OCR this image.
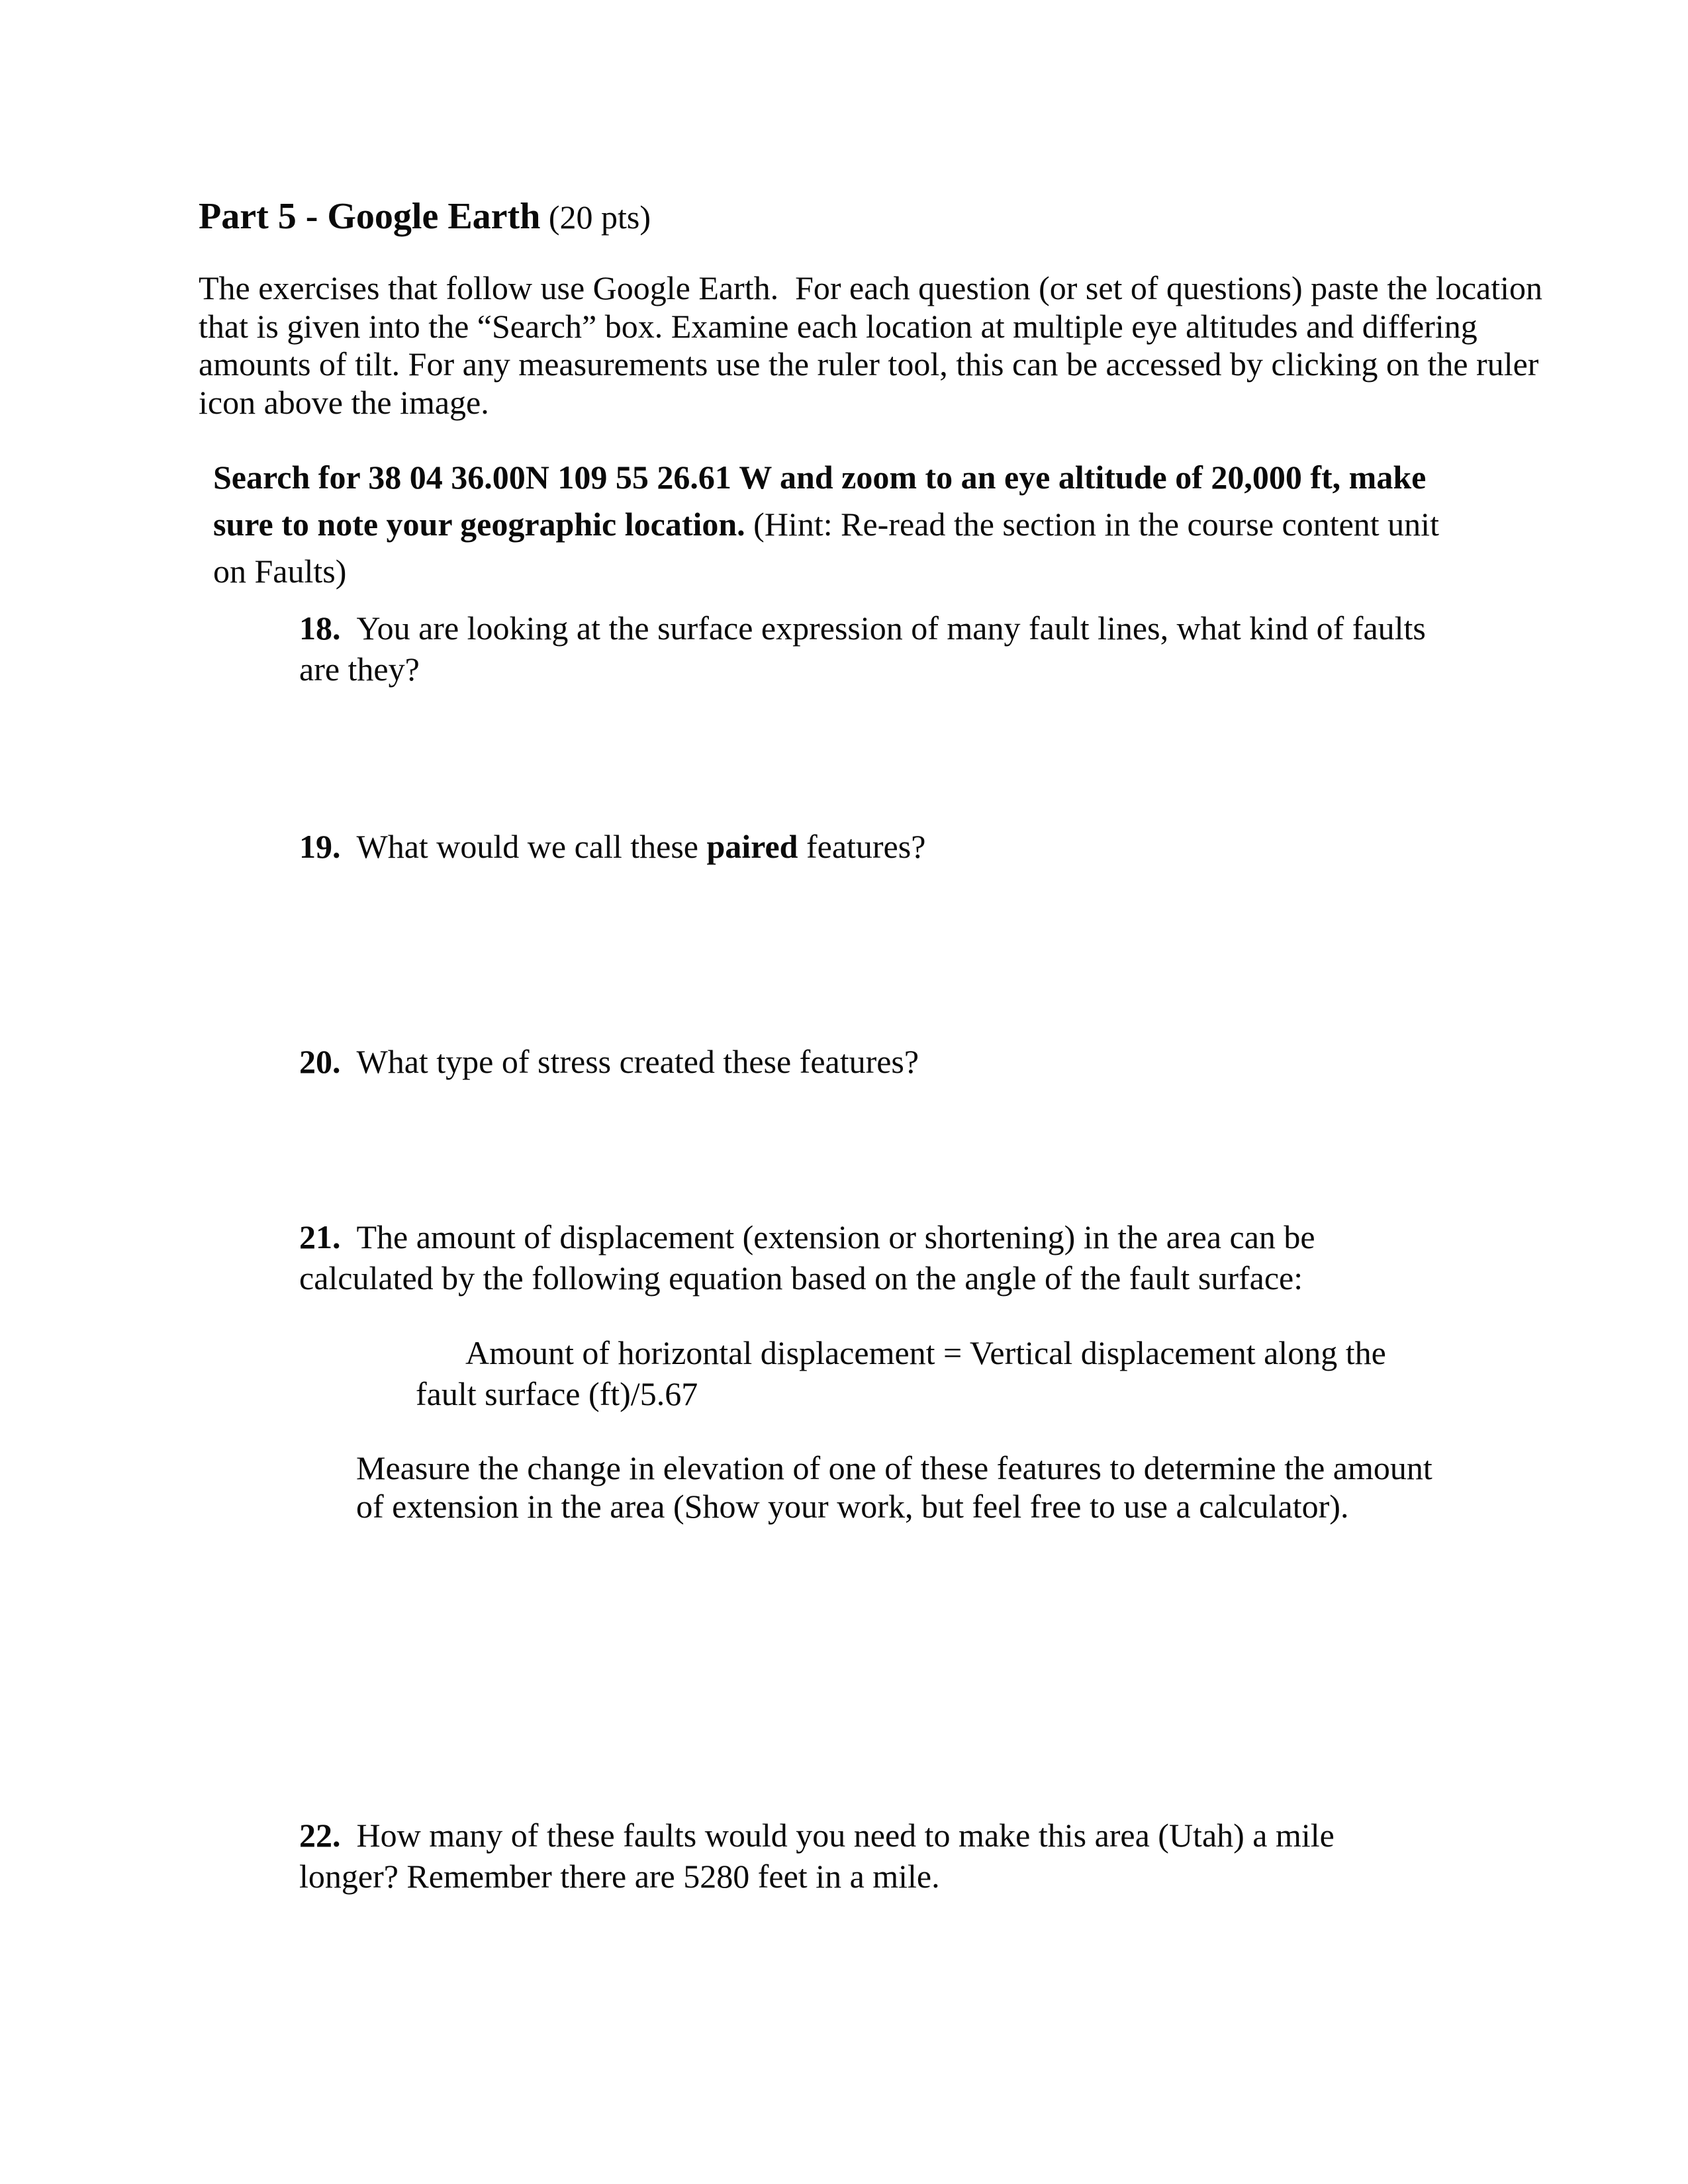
Part 5 - Google Earth (20 pts)
The exercises that follow use Google Earth.  For each question (or set of questions) paste the location
that is given into the “Search” box. Examine each location at multiple eye altitudes and differing
amounts of tilt. For any measurements use the ruler tool, this can be accessed by clicking on the ruler
icon above the image.
Search for 38 04 36.00N 109 55 26.61 W and zoom to an eye altitude of 20,000 ft, make
sure to note your geographic location. (Hint: Re-read the section in the course content unit
on Faults)
18. You are looking at the surface expression of many fault lines, what kind of faults
are they?
19. What would we call these paired features?
20. What type of stress created these features?
21. The amount of displacement (extension or shortening) in the area can be
calculated by the following equation based on the angle of the fault surface:
Amount of horizontal displacement = Vertical displacement along the
fault surface (ft)/5.67
Measure the change in elevation of one of these features to determine the amount
of extension in the area (Show your work, but feel free to use a calculator).
22. How many of these faults would you need to make this area (Utah) a mile
longer? Remember there are 5280 feet in a mile.
